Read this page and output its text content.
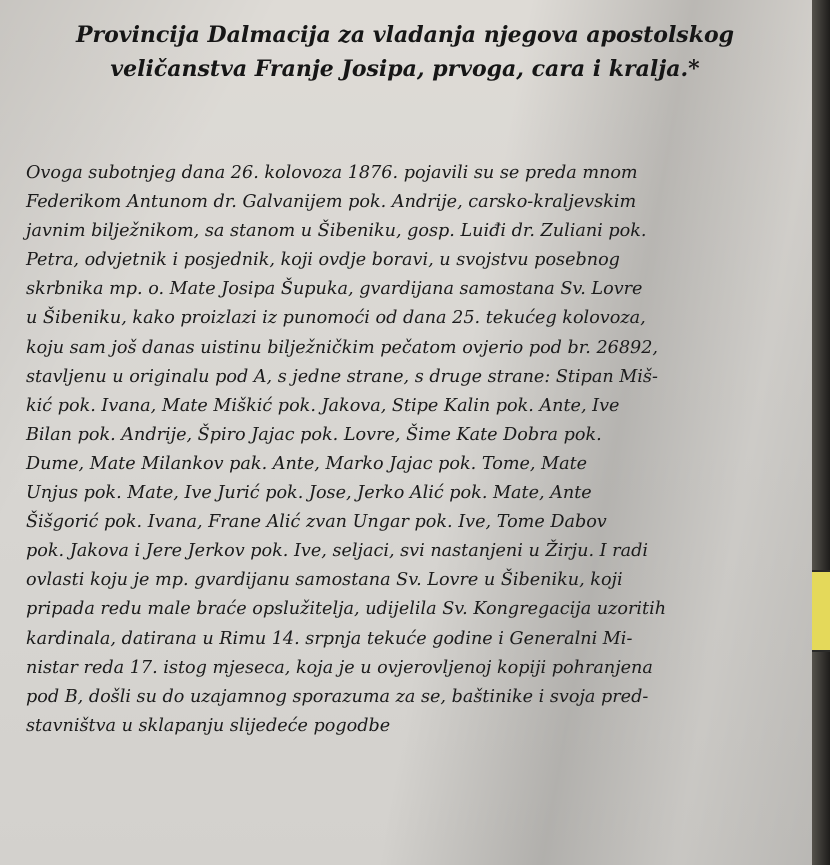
Provincija Dalmacija za vladanja njegova apostolskog
veličanstva Franje Josipa, prvoga, cara i kralja.*

Ovoga subotnjeg dana 26. kolovoza 1876. pojavili su se preda mnom
Federikom Antunom dr. Galvanijem pok. Andrije, carsko-kraljevskim
javnim bilježnikom, sa stanom u Šibeniku, gosp. Luiđi dr. Zuliani pok.
Petra, odvjetnik i posjednik, koji ovdje boravi, u svojstvu posebnog
skrbnika mp. o. Mate Josipa Šupuka, gvardijana samostana Sv. Lovre
u Šibeniku, kako proizlazi iz punomoći od dana 25. tekućeg kolovoza,
koju sam još danas uistinu bilježničkim pečatom ovjerio pod br. 26892,
stavljenu u originalu pod A, s jedne strane, s druge strane: Stipan Miš-
kić pok. Ivana, Mate Miškić pok. Jakova, Stipe Kalin pok. Ante, Ive
Bilan pok. Andrije, Špiro Jajac pok. Lovre, Šime Kate Dobra pok.
Dume, Mate Milankov pak. Ante, Marko Jajac pok. Tome, Mate
Unjus pok. Mate, Ive Jurić pok. Jose, Jerko Alić pok. Mate, Ante
Šišgorić pok. Ivana, Frane Alić zvan Ungar pok. Ive, Tome Dabov
pok. Jakova i Jere Jerkov pok. Ive, seljaci, svi nastanjeni u Žirju. I radi
ovlasti koju je mp. gvardijanu samostana Sv. Lovre u Šibeniku, koji
pripada redu male braće opslužitelja, udijelila Sv. Kongregacija uzoritih
kardinala, datirana u Rimu 14. srpnja tekuće godine i Generalni Mi-
nistar reda 17. istog mjeseca, koja je u ovjerovljenoj kopiji pohranjena
pod B, došli su do uzajamnog sporazuma za se, baštinike i svoja pred-
stavništva u sklapanju slijedeće pogodbe
